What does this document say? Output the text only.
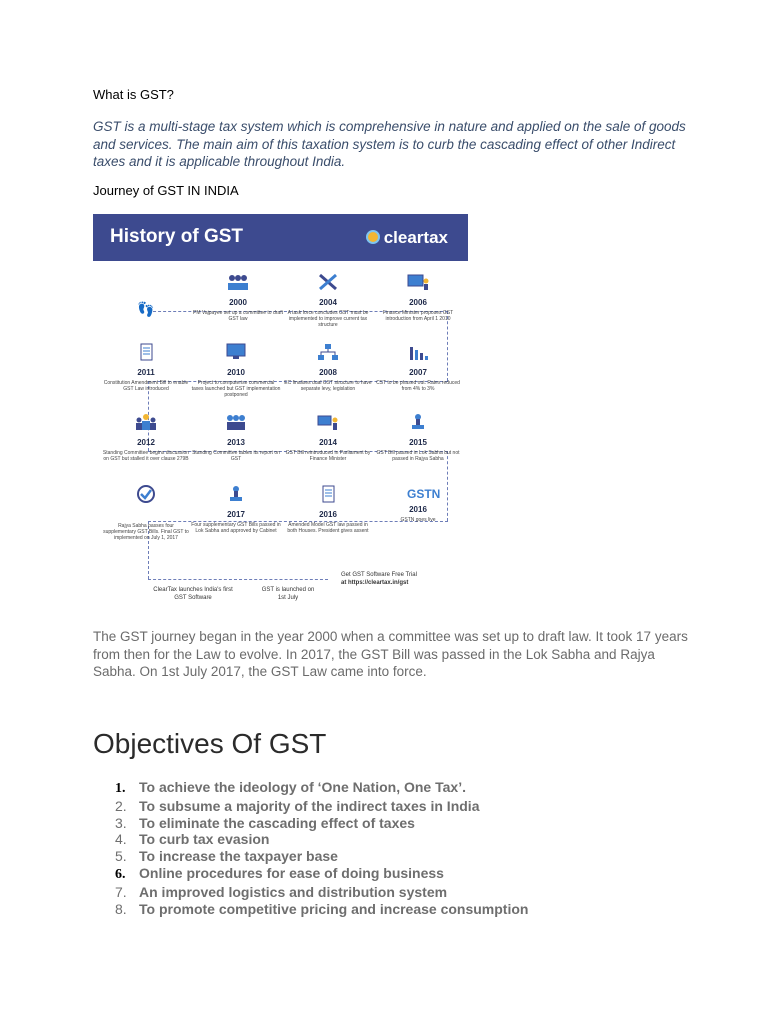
What is GST?
GST is a multi-stage tax system which is comprehensive in nature and applied on the sale of goods and services. The main aim of this taxation system is to curb the cascading effect of other Indirect taxes and it is applicable throughout India.
Journey of GST IN INDIA
History of GST	cleartax
👣	2000
PM Vajpayee set up a committee to draft GST law
2004
A task force concludes GST must be implemented to improve current tax structure
2006
Finance Minister proposes GST introduction from April 1 2010
2011
Constitution Amendment Bill to enable GST Law introduced
2010
Project to computerise commercial taxes launched but GST implementation postponed
2008
EC finalises dual GST structure to have separate levy, legislation
2007
CST to be phased out. Rates reduced from 4% to 3%
2012
Standing Committee begins discussion on GST but stalled it over clause 279B
2013
Standing Committee tables its report on GST
2014
GST Bill reintroduced in Parliament by Finance Minister
2015
GST Bill passed in Lok Sabha but not passed in Rajya Sabha
Rajya Sabha passes four supplementary GST Bills. Final GST to implemented on July 1, 2017
2017
Four supplementary GST Bills passed in Lok Sabha and approved by Cabinet
2016
Amended Model GST law passed in both Houses. President gives assent
GSTN
2016
GSTN goes live
ClearTax launches India's first GST Software
GST is launched on 1st July
Get GST Software Free Trial
at https://cleartax.in/gst
The GST journey began in the year 2000 when a committee was set up to draft law. It took 17 years from then for the Law to evolve. In 2017, the GST Bill was passed in the Lok Sabha and Rajya Sabha. On 1st July 2017, the GST Law came into force.
Objectives Of GST
1. To achieve the ideology of ‘One Nation, One Tax’.
2. To subsume a majority of the indirect taxes in India
3. To eliminate the cascading effect of taxes
4. To curb tax evasion
5. To increase the taxpayer base
6. Online procedures for ease of doing business
7. An improved logistics and distribution system
8. To promote competitive pricing and increase consumption
